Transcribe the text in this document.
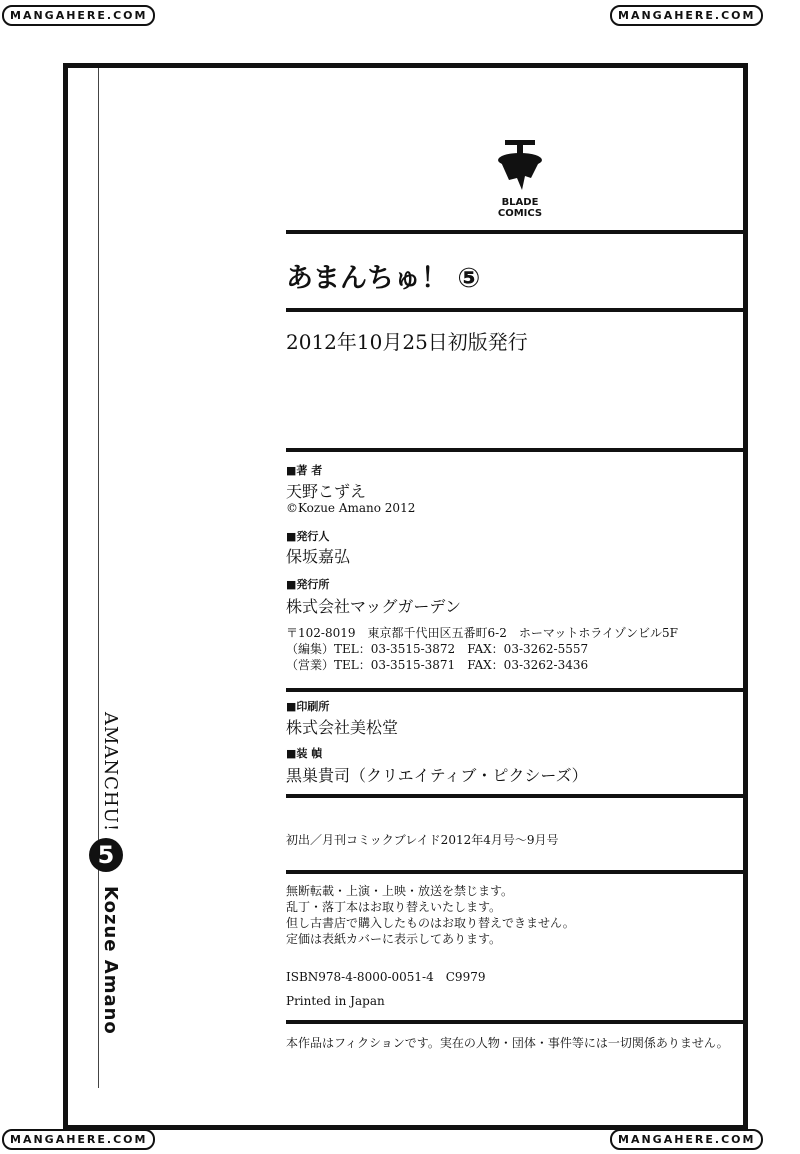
MANGAHERE.COM	MANGAHERE.COM
MANGAHERE.COM	MANGAHERE.COM
BLADE
COMICS
あまんちゅ！ ⑤
2012年10月25日初版発行
■著 者
天野こずえ
©Kozue Amano 2012
■発行人
保坂嘉弘
■発行所
株式会社マッグガーデン
〒102-8019　東京都千代田区五番町6-2　ホーマットホライゾンビル5F
（編集）TEL：03-3515-3872　FAX：03-3262-5557
（営業）TEL：03-3515-3871　FAX：03-3262-3436
■印刷所
株式会社美松堂
■装 幀
黒巣貴司（クリエイティブ・ピクシーズ）
初出／月刊コミックブレイド2012年4月号～9月号
無断転載・上演・上映・放送を禁じます。
乱丁・落丁本はお取り替えいたします。
但し古書店で購入したものはお取り替えできません。
定価は表紙カバーに表示してあります。
ISBN978-4-8000-0051-4　C9979
Printed in Japan
本作品はフィクションです。実在の人物・団体・事件等には一切関係ありません。
AMANCHU!
5
Kozue Amano
